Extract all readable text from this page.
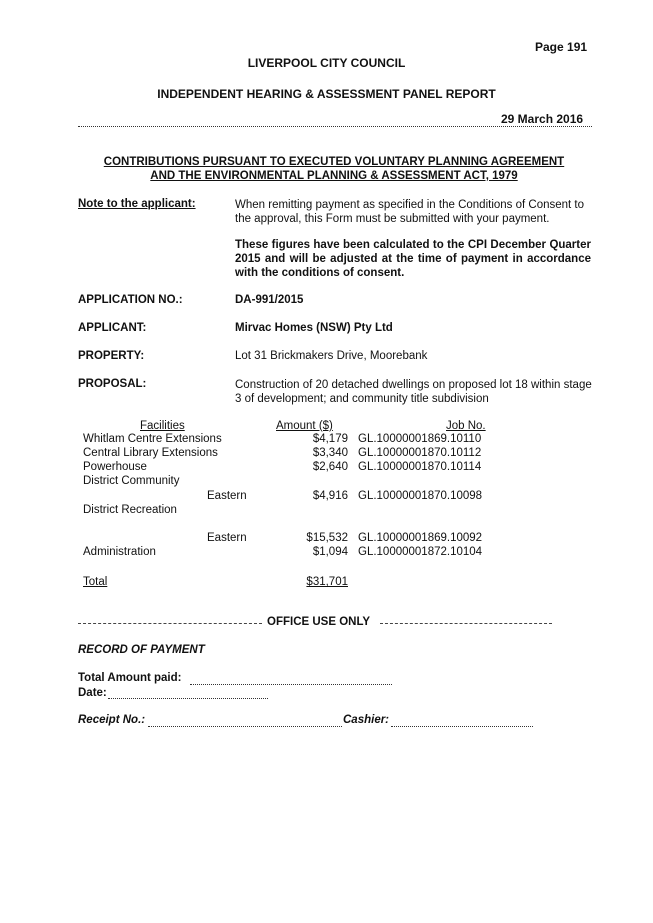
Page 191
LIVERPOOL CITY COUNCIL
INDEPENDENT HEARING & ASSESSMENT PANEL REPORT
29 March 2016
CONTRIBUTIONS PURSUANT TO EXECUTED VOLUNTARY PLANNING AGREEMENT
AND THE ENVIRONMENTAL PLANNING & ASSESSMENT ACT, 1979
Note to the applicant:	When remitting payment as specified in the Conditions of Consent to the approval, this Form must be submitted with your payment.
These figures have been calculated to the CPI December Quarter 2015 and will be adjusted at the time of payment in accordance with the conditions of consent.
APPLICATION NO.:	DA-991/2015
APPLICANT:	Mirvac Homes (NSW) Pty Ltd
PROPERTY:	Lot 31 Brickmakers Drive, Moorebank
PROPOSAL:	Construction of 20 detached dwellings on proposed lot 18 within stage 3 of development; and community title subdivision
Facilities	Amount ($)	Job No.
Whitlam Centre Extensions	$4,179 GL.10000001869.10110
Central Library Extensions	$3,340 GL.10000001870.10112
Powerhouse	$2,640 GL.10000001870.10114
District Community
Eastern	$4,916 GL.10000001870.10098
District Recreation
Eastern	$15,532 GL.10000001869.10092
Administration	$1,094 GL.10000001872.10104
Total	$31,701
OFFICE USE ONLY
RECORD OF PAYMENT
Total Amount paid:
Date:
Receipt No.:	Cashier:
